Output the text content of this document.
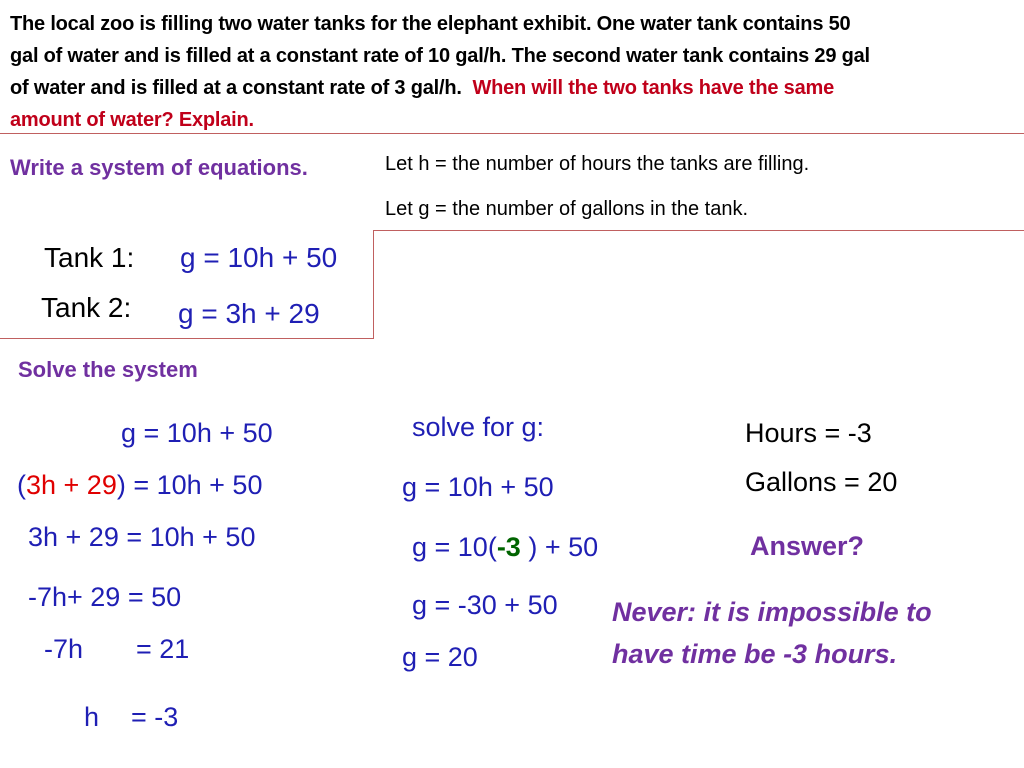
The local zoo is filling two water tanks for the elephant exhibit. One water tank contains 50
gal of water and is filled at a constant rate of 10 gal/h. The second water tank contains 29 gal
of water and is filled at a constant rate of 3 gal/h. When will the two tanks have the same
amount of water? Explain.
Write a system of equations.	Let h = the number of hours the tanks are filling.
Let g = the number of gallons in the tank.
Tank 1: g = 10h + 50
Tank 2: g = 3h + 29
Solve the system
g = 10h + 50
(3h + 29) = 10h + 50
3h + 29 = 10h + 50
-7h+ 29 = 50
-7h = 21
h = -3
solve for g:
g = 10h + 50
g = 10(-3 ) + 50
g = -30 + 50
g = 20
Hours = -3
Gallons = 20
Answer?
Never: it is impossible to
have time be -3 hours.
